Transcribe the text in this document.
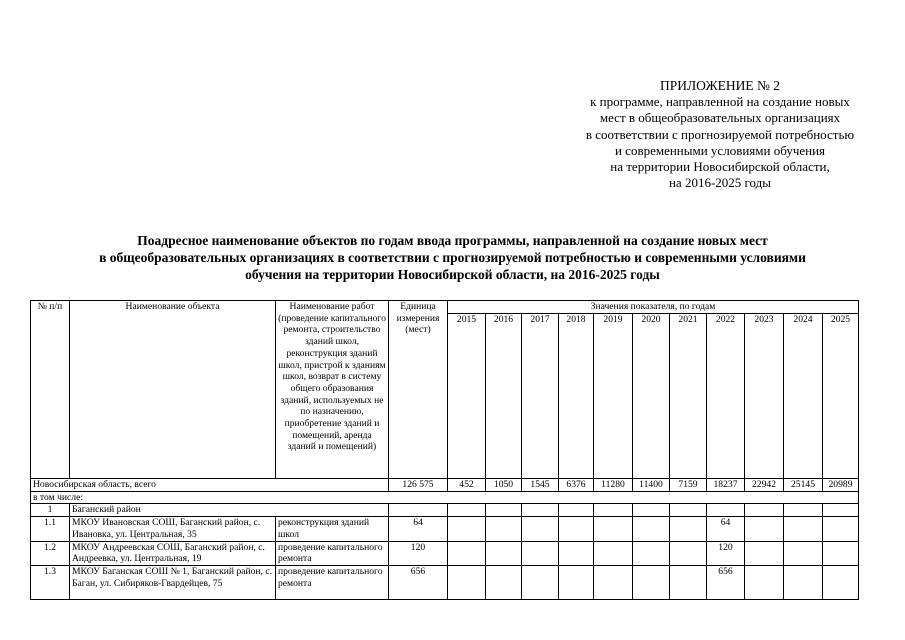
ПРИЛОЖЕНИЕ № 2
к программе, направленной на создание новых
мест в общеобразовательных организациях
в соответствии с прогнозируемой потребностью
и современными условиями обучения
на территории Новосибирской области,
на 2016-2025 годы
Поадресное наименование объектов по годам ввода программы, направленной на создание новых мест
в общеобразовательных организациях в соответствии с прогнозируемой потребностью и современными условиями
обучения на территории Новосибирской области, на 2016-2025 годы
№ п/п	Наименование объекта	Наименование работ (проведение капитального ремонта, строительство зданий школ, реконструкция зданий школ, пристрой к зданиям школ, возврат в систему общего образования зданий, используемых не по назначению, приобретение зданий и помещений, аренда зданий и помещений)	Единица измерения (мест)	Значения показателя, по годам										
				2015	2016	2017	2018	2019	2020	2021	2022	2023	2024	2025
Новосибирская область, всего			126 575	452	1050	1545	6376	11280	11400	7159	18237	22942	25145	20989
в том числе:														
1	Баганский район													
1.1	МКОУ Ивановская СОШ, Баганский район, с. Ивановка, ул. Центральная, 35	реконструкция зданий школ	64								64			
1.2	МКОУ Андреевская СОШ, Баганский район, с. Андреевка, ул. Центральная, 19	проведение капитального ремонта	120								120			
1.3	МКОУ Баганская СОШ № 1, Баганский район, с. Баган, ул. Сибиряков-Гвардейцев, 75	проведение капитального ремонта	656								656			
